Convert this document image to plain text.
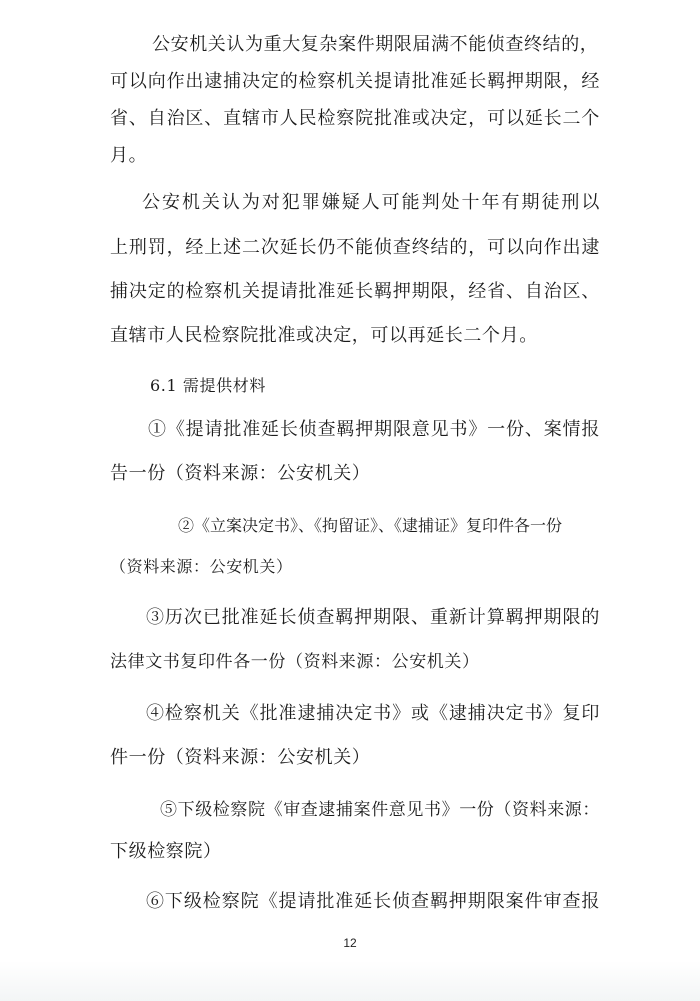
公安机关认为重大复杂案件期限届满不能侦查终结的，
可以向作出逮捕决定的检察机关提请批准延长羁押期限，经
省、自治区、直辖市人民检察院批准或决定，可以延长二个
月。
公安机关认为对犯罪嫌疑人可能判处十年有期徒刑以
上刑罚，经上述二次延长仍不能侦查终结的，可以向作出逮
捕决定的检察机关提请批准延长羁押期限，经省、自治区、
直辖市人民检察院批准或决定，可以再延长二个月。
6.1 需提供材料
①《提请批准延长侦查羁押期限意见书》一份、案情报
告一份（资料来源：公安机关）
②《立案决定书》、《拘留证》、《逮捕证》复印件各一份
（资料来源：公安机关）
③历次已批准延长侦查羁押期限、重新计算羁押期限的
法律文书复印件各一份（资料来源：公安机关）
④检察机关《批准逮捕决定书》或《逮捕决定书》复印
件一份（资料来源：公安机关）
⑤下级检察院《审查逮捕案件意见书》一份（资料来源：
下级检察院）
⑥下级检察院《提请批准延长侦查羁押期限案件审查报
12
